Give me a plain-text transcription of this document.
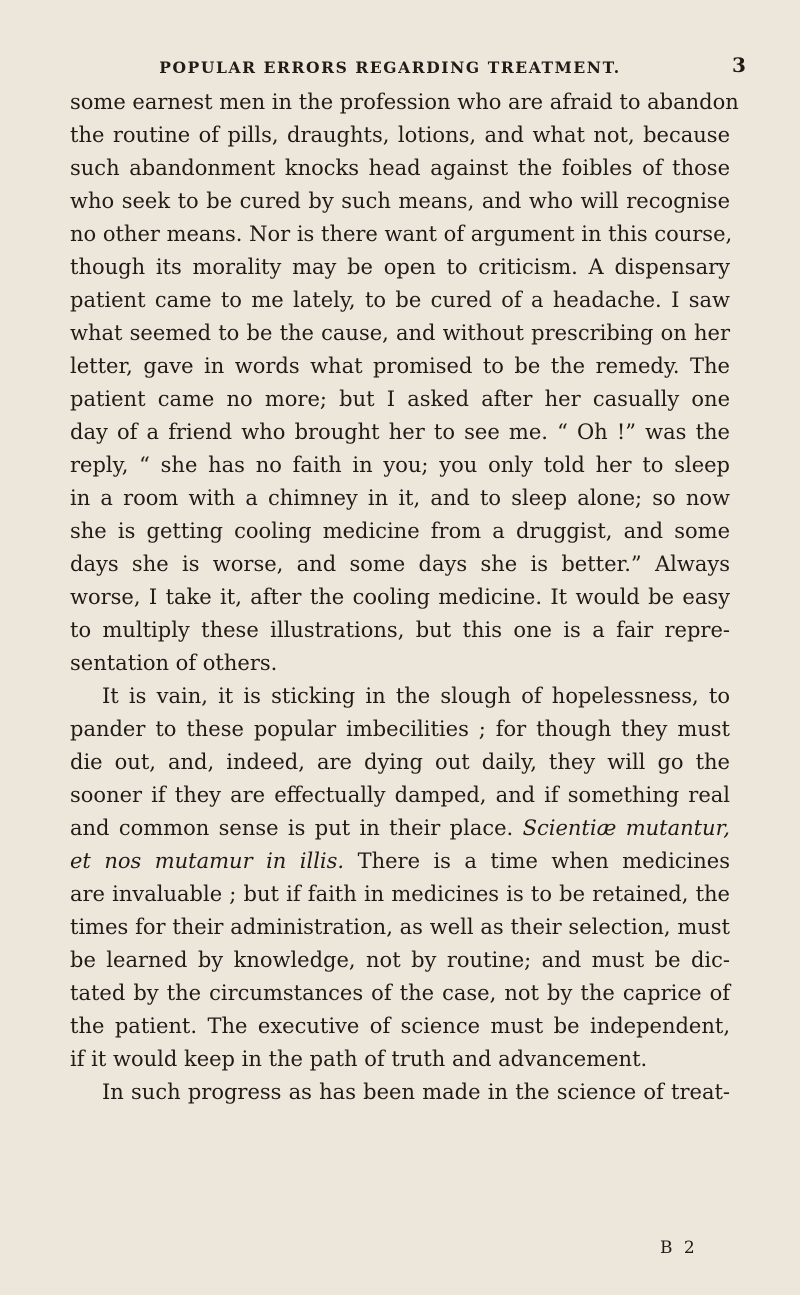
POPULAR ERRORS REGARDING TREATMENT.	3
some earnest men in the profession who are afraid to abandon
the routine of pills, draughts, lotions, and what not, because
such abandonment knocks head against the foibles of those
who seek to be cured by such means, and who will recognise
no other means. Nor is there want of argument in this course,
though its morality may be open to criticism. A dispensary
patient came to me lately, to be cured of a headache. I saw
what seemed to be the cause, and without prescribing on her
letter, gave in words what promised to be the remedy. The
patient came no more; but I asked after her casually one
day of a friend who brought her to see me. “ Oh !” was the
reply, “ she has no faith in you; you only told her to sleep
in a room with a chimney in it, and to sleep alone; so now
she is getting cooling medicine from a druggist, and some
days she is worse, and some days she is better.” Always
worse, I take it, after the cooling medicine. It would be easy
to multiply these illustrations, but this one is a fair repre-
sentation of others.
It is vain, it is sticking in the slough of hopelessness, to
pander to these popular imbecilities ; for though they must
die out, and, indeed, are dying out daily, they will go the
sooner if they are effectually damped, and if something real
and common sense is put in their place. Scientiæ mutantur,
et nos mutamur in illis. There is a time when medicines
are invaluable ; but if faith in medicines is to be retained, the
times for their administration, as well as their selection, must
be learned by knowledge, not by routine; and must be dic-
tated by the circumstances of the case, not by the caprice of
the patient. The executive of science must be independent,
if it would keep in the path of truth and advancement.
In such progress as has been made in the science of treat-
B 2
